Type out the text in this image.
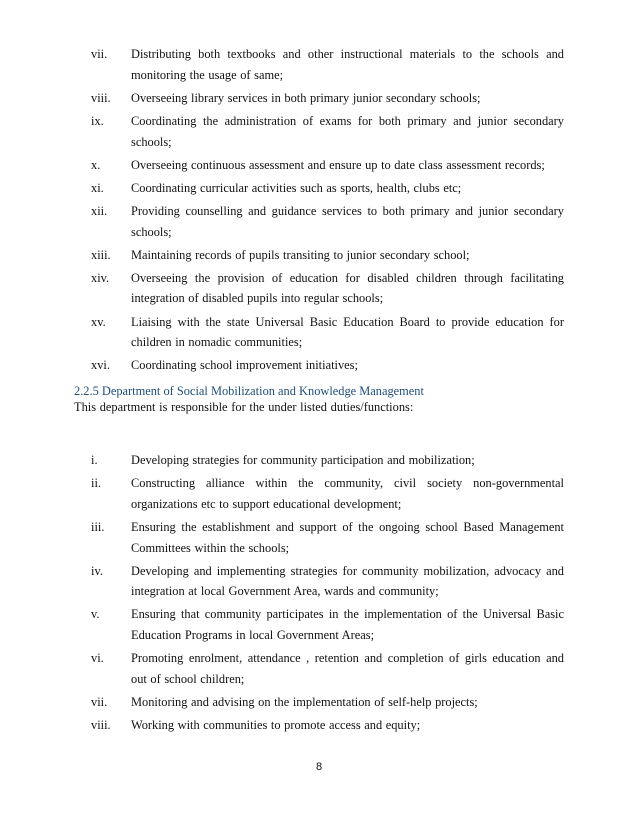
vii.	Distributing both textbooks and other instructional materials to the schools and monitoring the usage of same;
viii.	Overseeing library services in both primary junior secondary schools;
ix.	Coordinating the administration of exams for both primary and junior secondary schools;
x.	Overseeing continuous assessment and ensure up to date class assessment records;
xi.	Coordinating curricular activities such as sports, health, clubs etc;
xii.	Providing counselling and guidance services to both primary and junior secondary schools;
xiii.	Maintaining records of pupils transiting to junior secondary school;
xiv.	Overseeing the provision of education for disabled children through facilitating integration of disabled pupils into regular schools;
xv.	Liaising with the state Universal Basic Education Board to provide education for children in nomadic communities;
xvi.	Coordinating school improvement initiatives;
2.2.5 Department of Social Mobilization and Knowledge Management
This department is responsible for the under listed duties/functions:
i.	Developing strategies for community participation and mobilization;
ii.	Constructing alliance within the community, civil society non-governmental organizations etc to support educational development;
iii.	Ensuring the establishment and support of the ongoing school Based Management Committees within the schools;
iv.	Developing and implementing strategies for community mobilization, advocacy and integration at local Government Area, wards and community;
v.	Ensuring that community participates in the implementation of the Universal Basic Education Programs in local Government Areas;
vi.	Promoting enrolment, attendance , retention and completion of girls education and out of school children;
vii.	Monitoring and advising on the implementation of self-help projects;
viii.	Working with communities to promote access and equity;
8
